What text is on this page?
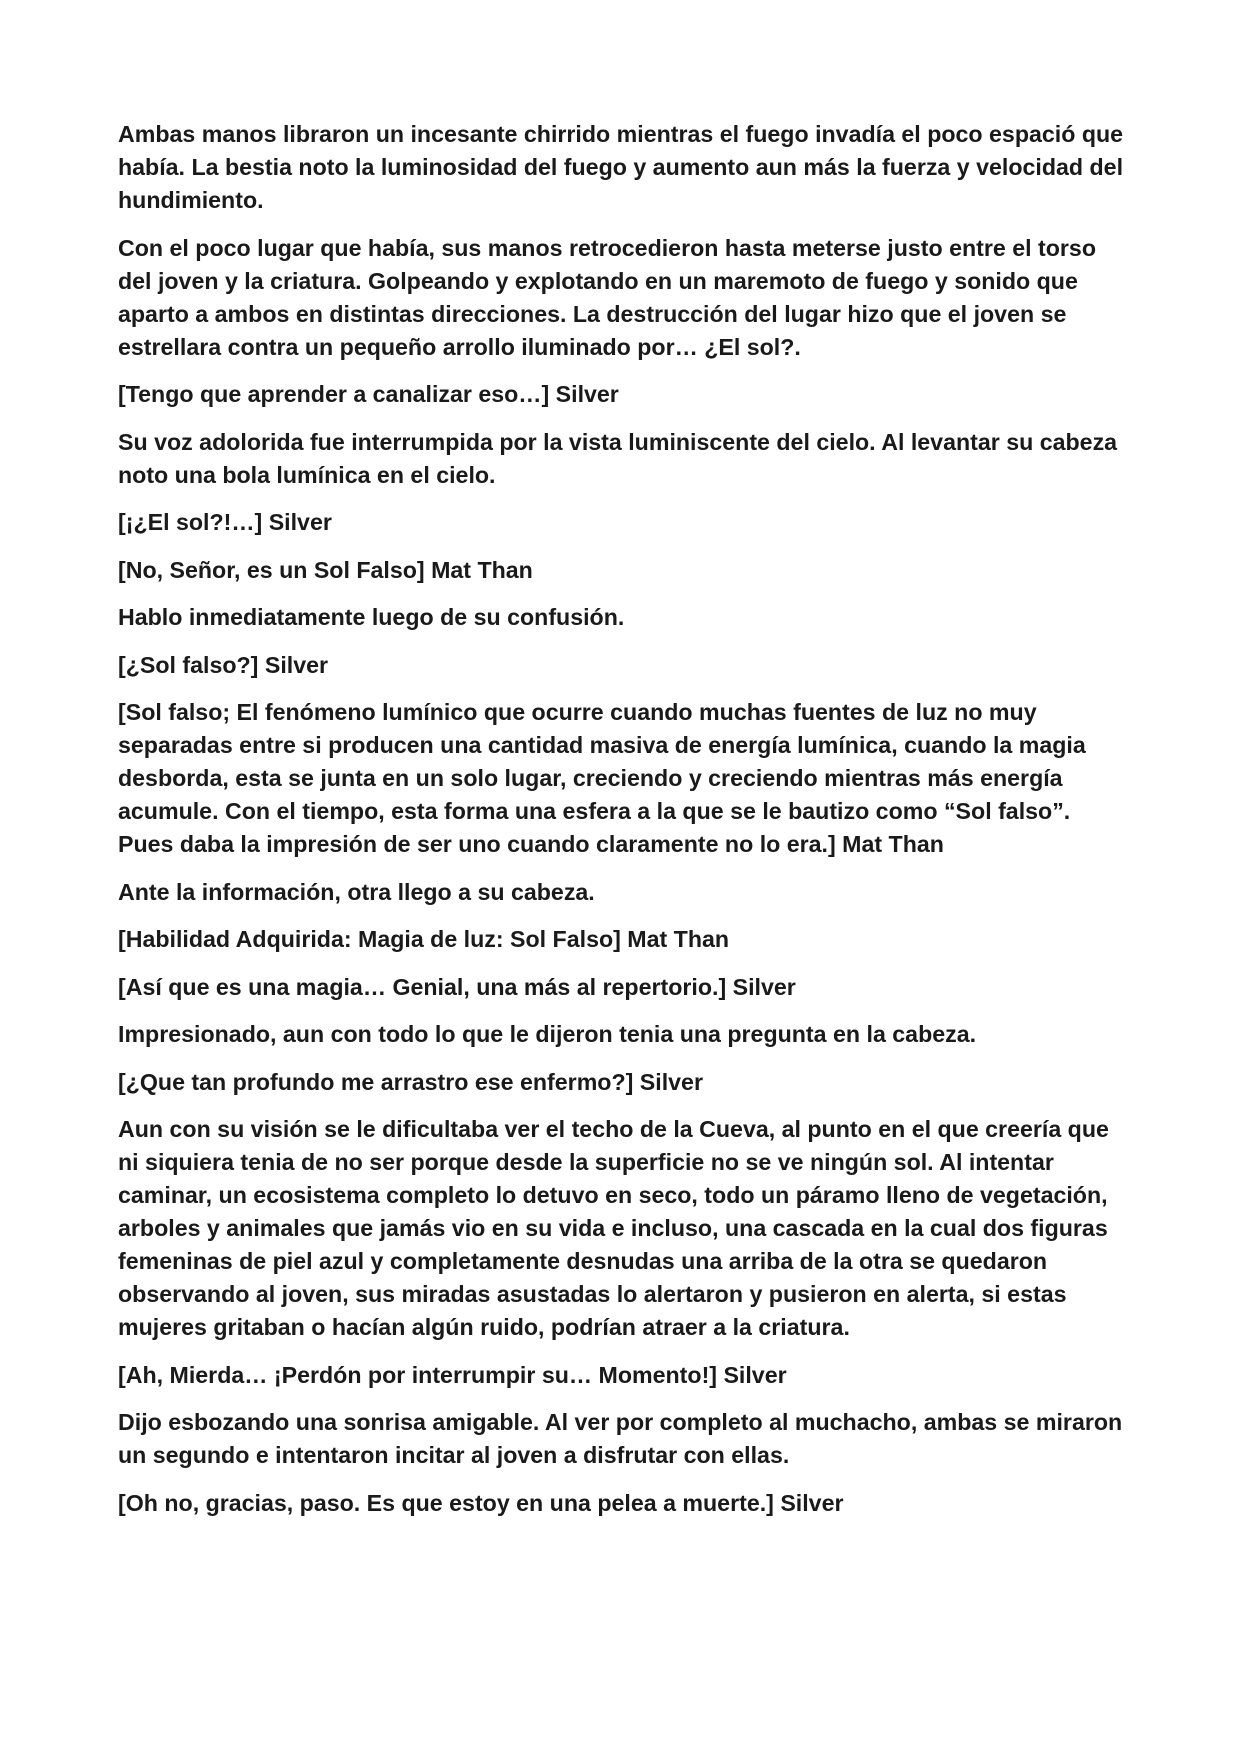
Ambas manos libraron un incesante chirrido mientras el fuego invadía el poco espació que había. La bestia noto la luminosidad del fuego y aumento aun más la fuerza y velocidad del hundimiento.

Con el poco lugar que había, sus manos retrocedieron hasta meterse justo entre el torso del joven y la criatura. Golpeando y explotando en un maremoto de fuego y sonido que aparto a ambos en distintas direcciones. La destrucción del lugar hizo que el joven se estrellara contra un pequeño arrollo iluminado por… ¿El sol?.

[Tengo que aprender a canalizar eso…] Silver

Su voz adolorida fue interrumpida por la vista luminiscente del cielo. Al levantar su cabeza noto una bola lumínica en el cielo.

[¡¿El sol?!…] Silver

[No, Señor, es un Sol Falso] Mat Than

Hablo inmediatamente luego de su confusión.

[¿Sol falso?] Silver

[Sol falso; El fenómeno lumínico que ocurre cuando muchas fuentes de luz no muy separadas entre si producen una cantidad masiva de energía lumínica, cuando la magia desborda, esta se junta en un solo lugar, creciendo y creciendo mientras más energía acumule. Con el tiempo, esta forma una esfera a la que se le bautizo como “Sol falso”. Pues daba la impresión de ser uno cuando claramente no lo era.] Mat Than

Ante la información, otra llego a su cabeza.

[Habilidad Adquirida: Magia de luz: Sol Falso] Mat Than

[Así que es una magia… Genial, una más al repertorio.] Silver

Impresionado, aun con todo lo que le dijeron tenia una pregunta en la cabeza.

[¿Que tan profundo me arrastro ese enfermo?] Silver

Aun con su visión se le dificultaba ver el techo de la Cueva, al punto en el que creería que ni siquiera tenia de no ser porque desde la superficie no se ve ningún sol. Al intentar caminar, un ecosistema completo lo detuvo en seco, todo un páramo lleno de vegetación, arboles y animales que jamás vio en su vida e incluso, una cascada en la cual dos figuras femeninas de piel azul y completamente desnudas una arriba de la otra se quedaron observando al joven, sus miradas asustadas lo alertaron y pusieron en alerta, si estas mujeres gritaban o hacían algún ruido, podrían atraer a la criatura.

[Ah, Mierda… ¡Perdón por interrumpir su… Momento!] Silver

Dijo esbozando una sonrisa amigable. Al ver por completo al muchacho, ambas se miraron un segundo e intentaron incitar al joven a disfrutar con ellas.

[Oh no, gracias, paso. Es que estoy en una pelea a muerte.] Silver
